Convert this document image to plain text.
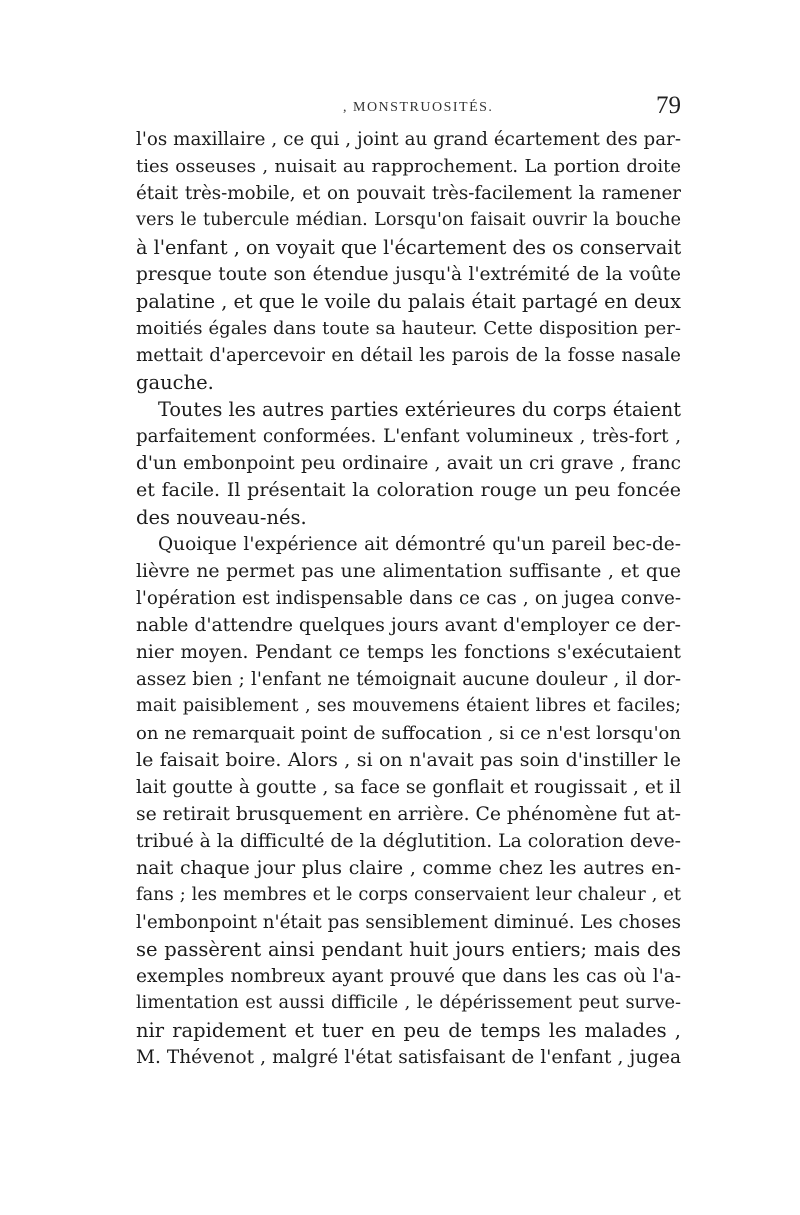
, MONSTRUOSITÉS.	79
l'os maxillaire , ce qui , joint au grand écartement des par-
ties osseuses , nuisait au rapprochement. La portion droite
était très-mobile, et on pouvait très-facilement la ramener
vers le tubercule médian. Lorsqu'on faisait ouvrir la bouche
à l'enfant , on voyait que l'écartement des os conservait
presque toute son étendue jusqu'à l'extrémité de la voûte
palatine , et que le voile du palais était partagé en deux
moitiés égales dans toute sa hauteur. Cette disposition per-
mettait d'apercevoir en détail les parois de la fosse nasale
gauche.
Toutes les autres parties extérieures du corps étaient
parfaitement conformées. L'enfant volumineux , très-fort ,
d'un embonpoint peu ordinaire , avait un cri grave , franc
et facile. Il présentait la coloration rouge un peu foncée
des nouveau-nés.
Quoique l'expérience ait démontré qu'un pareil bec-de-
lièvre ne permet pas une alimentation suffisante , et que
l'opération est indispensable dans ce cas , on jugea conve-
nable d'attendre quelques jours avant d'employer ce der-
nier moyen. Pendant ce temps les fonctions s'exécutaient
assez bien ; l'enfant ne témoignait aucune douleur , il dor-
mait paisiblement , ses mouvemens étaient libres et faciles;
on ne remarquait point de suffocation , si ce n'est lorsqu'on
le faisait boire. Alors , si on n'avait pas soin d'instiller le
lait goutte à goutte , sa face se gonflait et rougissait , et il
se retirait brusquement en arrière. Ce phénomène fut at-
tribué à la difficulté de la déglutition. La coloration deve-
nait chaque jour plus claire , comme chez les autres en-
fans ; les membres et le corps conservaient leur chaleur , et
l'embonpoint n'était pas sensiblement diminué. Les choses
se passèrent ainsi pendant huit jours entiers; mais des
exemples nombreux ayant prouvé que dans les cas où l'a-
limentation est aussi difficile , le dépérissement peut surve-
nir rapidement et tuer en peu de temps les malades ,
M. Thévenot , malgré l'état satisfaisant de l'enfant , jugea
